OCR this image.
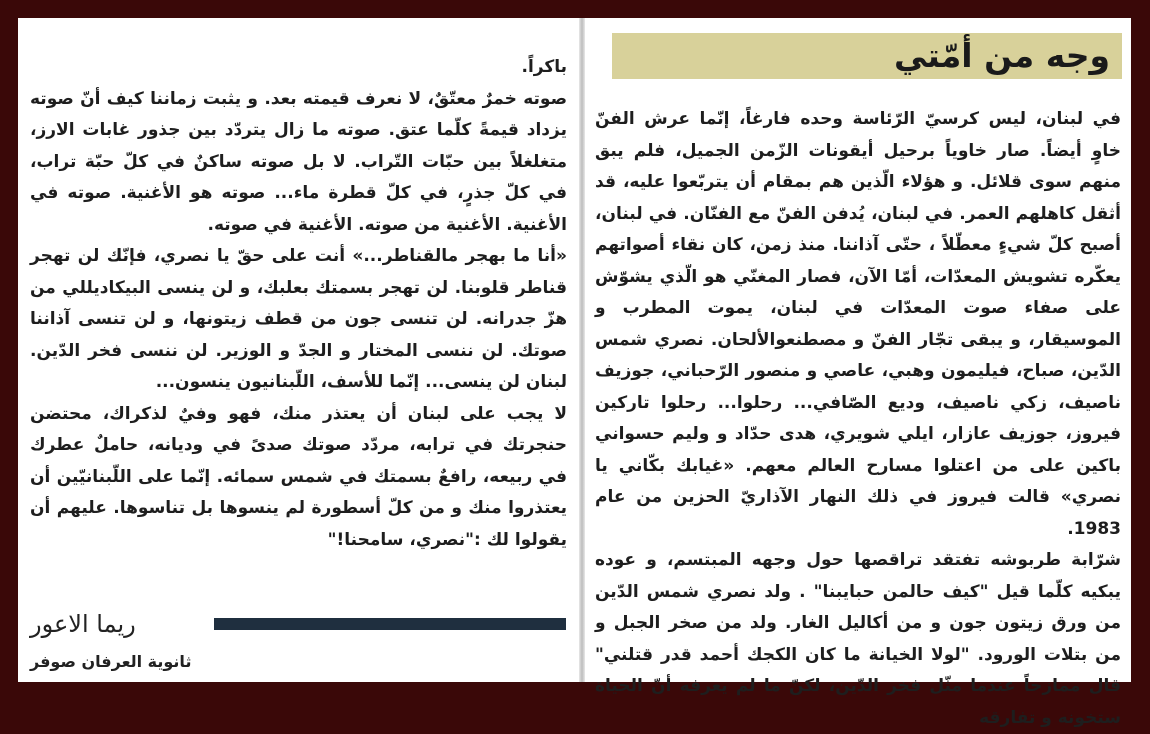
باكراً.

صوته خمرٌ معتّقٌ، لا نعرف قيمته بعد. و يثبت زماننا كيف أنّ صوته يزداد قيمةً كلّما عتق. صوته ما زال يتردّد بين جذور غابات الارز، متغلغلاً بين حبّات التّراب. لا بل صوته ساكنٌ في كلّ حبّة تراب، في كلّ جذرٍ، في كلّ قطرة ماء... صوته هو الأغنية. صوته في الأغنية. الأغنية من صوته. الأغنية في صوته.

«أنا ما بهجر مالقناطر...» أنت على حقّ يا نصري، فإنّك لن تهجر قناطر قلوبنا. لن تهجر بسمتك بعلبك، و لن ينسى البيكاديللي من هزّ جدرانه. لن تنسى جون من قطف زيتونها، و لن تنسى آذاننا صوتك. لن ننسى المختار و الجدّ و الوزير. لن ننسى فخر الدّين. لبنان لن ينسى... إنّما للأسف، اللّبنانيون ينسون...

لا يجب على لبنان أن يعتذر منك، فهو وفيٌ لذكراك، محتضن حنجرتك في ترابه، مردّد صوتك صدىً في وديانه، حاملٌ عطرك في ربيعه، رافعٌ بسمتك في شمس سمائه. إنّما على اللّبنانيّين أن يعتذروا منك و من كلّ أسطورة لم ينسوها بل تناسوها. عليهم أن يقولوا لك :"نصري، سامحنا!"

ريما الاعور
ثانوية العرفان صوفر
وجه من أمّتي

في لبنان، ليس كرسيّ الرّئاسة وحده فارغاً، إنّما عرش الفنّ خاوٍ أيضاً. صار خاوياً برحيل أيقونات الزّمن الجميل، فلم يبق منهم سوى قلائل. و هؤلاء الّذين هم بمقام أن يتربّعوا عليه، قد أثقل كاهلهم العمر. في لبنان، يُدفن الفنّ مع الفنّان. في لبنان، أصبح كلّ شيءٍ معطّلاً ، حتّى آذاننا. منذ زمن، كان نقاء أصواتهم يعكّره تشويش المعدّات، أمّا الآن، فصار المغنّي هو الّذي يشوّش على صفاء صوت المعدّات في لبنان، يموت المطرب و الموسيقار، و يبقى تجّار الفنّ و مصطنعوالألحان. نصري شمس الدّين، صباح، فيليمون وهبي، عاصي و منصور الرّحباني، جوزيف ناصيف، زكي ناصيف، وديع الصّافي... رحلوا... رحلوا تاركين فيروز، جوزيف عازار، ايلي شويري، هدى حدّاد و وليم حسواني باكين على من اعتلوا مسارح العالم معهم. «غيابك بكّاني يا نصري» قالت فيروز في ذلك النهار الآذاريّ الحزين من عام 1983.

شرّابة طربوشه تفتقد تراقصها حول وجهه المبتسم، و عوده يبكيه كلّما قيل "كيف حالمن حبايبنا" . ولد نصري شمس الدّين من ورق زيتون جون و من أكاليل الغار. ولد من صخر الجبل و من بتلات الورود. "لولا الخيانة ما كان الكجك أحمد قدر قتلني" قال ممازحاً عندما مثّل فخر الدّين، لكنّ ما لم يعرفه أنّ الحياة ستخونه و تفارقه
